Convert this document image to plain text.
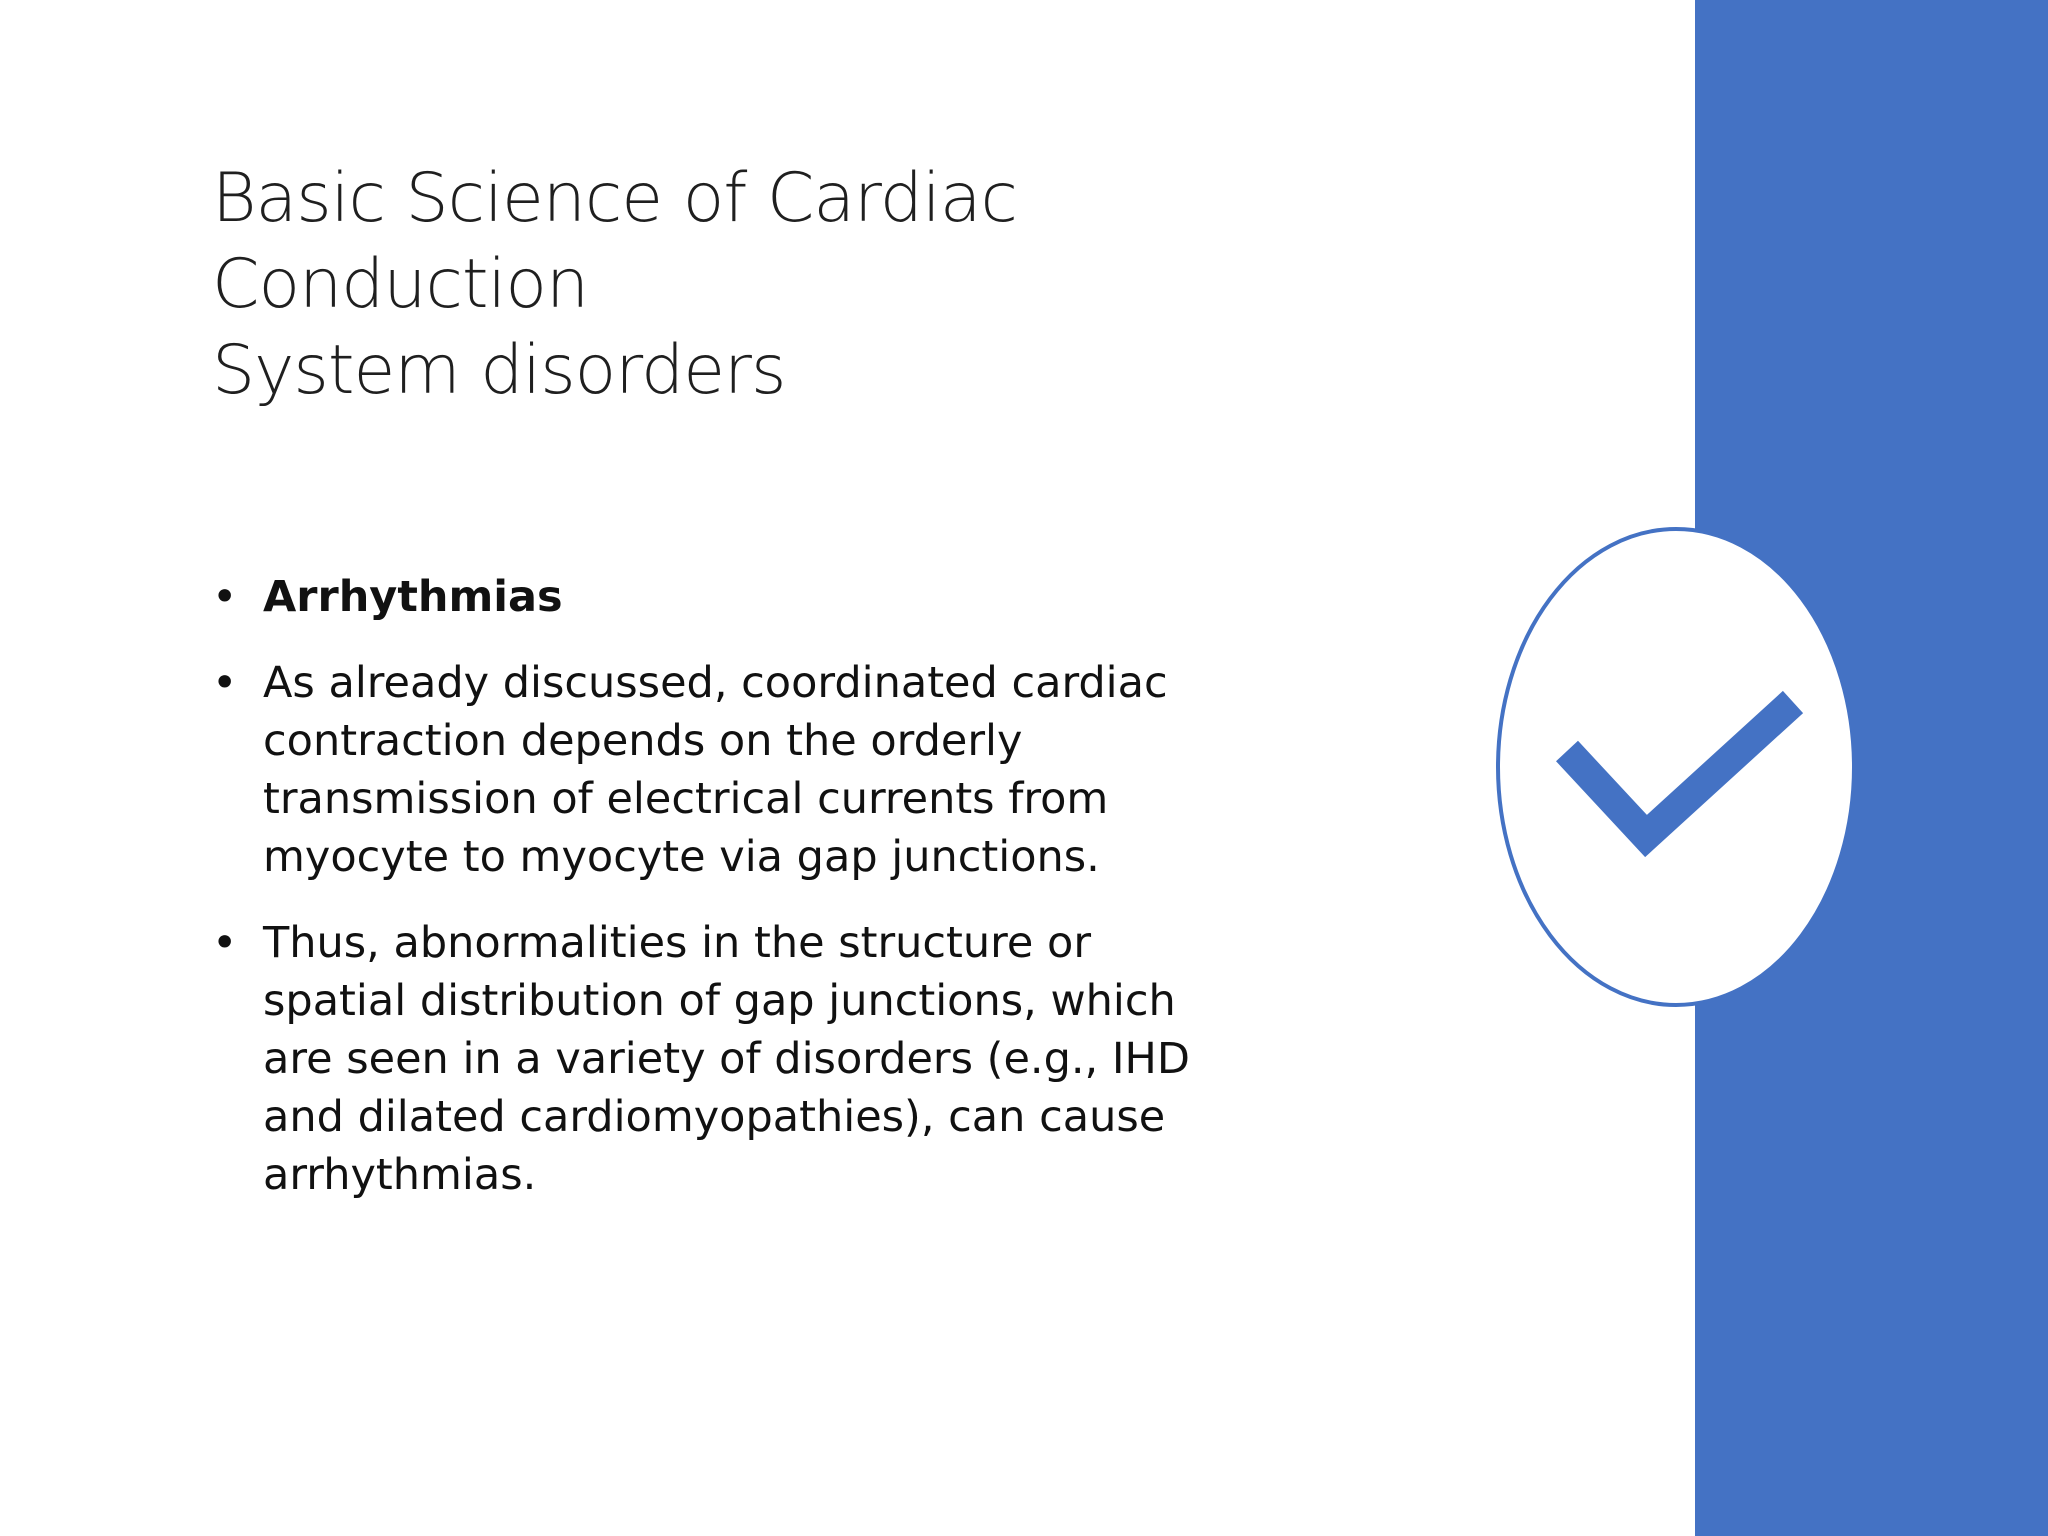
Basic Science of Cardiac Conduction
System disorders
• Arrhythmias
• As already discussed, coordinated cardiac contraction depends on the orderly transmission of electrical currents from myocyte to myocyte via gap junctions.
• Thus, abnormalities in the structure or spatial distribution of gap junctions, which are seen in a variety of disorders (e.g., IHD and dilated cardiomyopathies), can cause arrhythmias.
